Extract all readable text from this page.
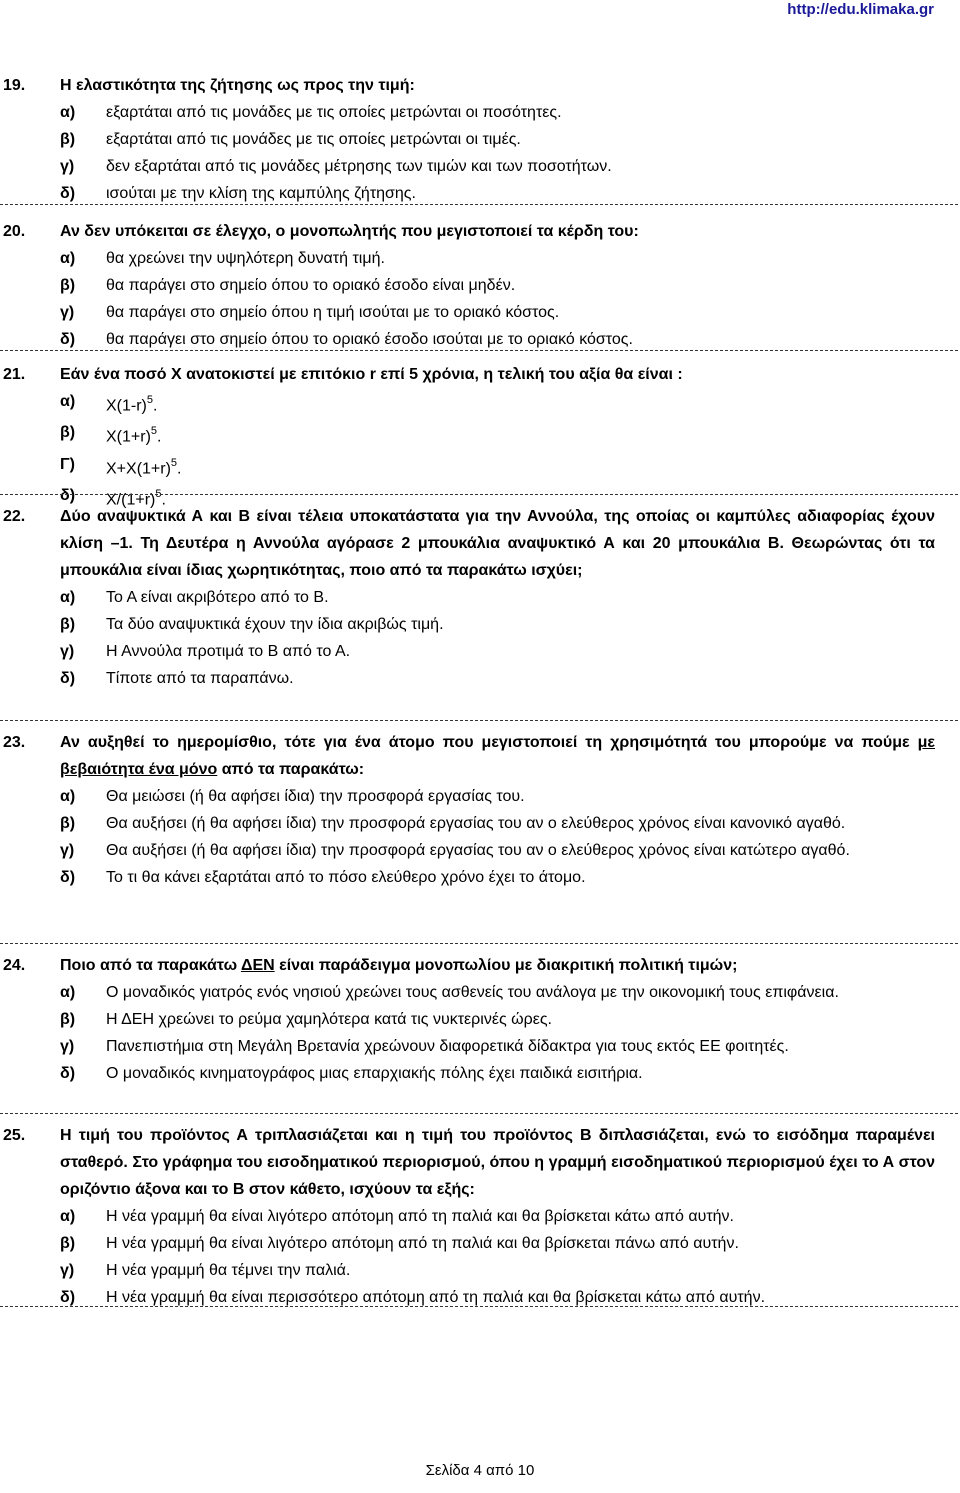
http://edu.klimaka.gr
19.	Η ελαστικότητα της ζήτησης ως προς την τιμή:
α)	εξαρτάται από τις μονάδες με τις οποίες μετρώνται οι ποσότητες.
β)	εξαρτάται από τις μονάδες με τις οποίες μετρώνται οι τιμές.
γ)	δεν εξαρτάται από τις μονάδες μέτρησης των τιμών και των ποσοτήτων.
δ)	ισούται με την κλίση της καμπύλης ζήτησης.
20.	Αν δεν υπόκειται σε έλεγχο, ο μονοπωλητής που μεγιστοποιεί τα κέρδη του:
α)	θα χρεώνει την υψηλότερη δυνατή τιμή.
β)	θα παράγει στο σημείο όπου το οριακό έσοδο είναι μηδέν.
γ)	θα παράγει στο σημείο όπου η τιμή ισούται με το οριακό κόστος.
δ)	θα παράγει στο σημείο όπου το οριακό έσοδο ισούται με το οριακό κόστος.
21.	Εάν ένα ποσό Χ ανατοκιστεί με επιτόκιο r επί 5 χρόνια, η τελική του αξία θα είναι :
α)	$X(1-r)^5$.
β)	$X(1+r)^5$.
Γ)	$X+X(1+r)^5$.
δ)	$X/(1+r)^5$.
22.	Δύο αναψυκτικά Α και Β είναι τέλεια υποκατάστατα για την Αννούλα, της οποίας οι καμπύλες αδιαφορίας έχουν κλίση –1. Τη Δευτέρα η Αννούλα αγόρασε 2 μπουκάλια αναψυκτικό Α και 20 μπουκάλια Β. Θεωρώντας ότι τα μπουκάλια είναι ίδιας χωρητικότητας, ποιο από τα παρακάτω ισχύει;
α)	Το Α είναι ακριβότερο από το Β.
β)	Τα δύο αναψυκτικά έχουν την ίδια ακριβώς τιμή.
γ)	Η Αννούλα προτιμά το Β από το Α.
δ)	Τίποτε από τα παραπάνω.
23.	Αν αυξηθεί το ημερομίσθιο, τότε για ένα άτομο που μεγιστοποιεί τη χρησιμότητά του μπορούμε να πούμε με βεβαιότητα ένα μόνο από τα παρακάτω:
α)	Θα μειώσει (ή θα αφήσει ίδια) την προσφορά εργασίας του.
β)	Θα αυξήσει (ή θα αφήσει ίδια) την προσφορά εργασίας του αν ο ελεύθερος χρόνος είναι κανονικό αγαθό.
γ)	Θα αυξήσει (ή θα αφήσει ίδια) την προσφορά εργασίας του αν ο ελεύθερος χρόνος είναι κατώτερο αγαθό.
δ)	Το τι θα κάνει εξαρτάται από το πόσο ελεύθερο χρόνο έχει το άτομο.
24.	Ποιο από τα παρακάτω ΔΕΝ είναι παράδειγμα μονοπωλίου με διακριτική πολιτική τιμών;
α)	Ο μοναδικός γιατρός ενός νησιού χρεώνει τους ασθενείς του ανάλογα με την οικονομική τους επιφάνεια.
β)	Η ΔΕΗ χρεώνει το ρεύμα χαμηλότερα κατά τις νυκτερινές ώρες.
γ)	Πανεπιστήμια στη Μεγάλη Βρετανία χρεώνουν διαφορετικά δίδακτρα για τους εκτός ΕΕ φοιτητές.
δ)	Ο μοναδικός κινηματογράφος μιας επαρχιακής πόλης έχει παιδικά εισιτήρια.
25.	Η τιμή του προϊόντος Α τριπλασιάζεται και η τιμή του προϊόντος Β διπλασιάζεται, ενώ το εισόδημα παραμένει σταθερό. Στο γράφημα του εισοδηματικού περιορισμού, όπου η γραμμή εισοδηματικού περιορισμού έχει το Α στον οριζόντιο άξονα και το Β στον κάθετο, ισχύουν τα εξής:
α)	Η νέα γραμμή θα είναι λιγότερο απότομη από τη παλιά και θα βρίσκεται κάτω από αυτήν.
β)	Η νέα γραμμή θα είναι λιγότερο απότομη από τη παλιά και θα βρίσκεται πάνω από αυτήν.
γ)	Η νέα γραμμή θα τέμνει την παλιά.
δ)	Η νέα γραμμή θα είναι περισσότερο απότομη από τη παλιά και θα βρίσκεται κάτω από αυτήν.
Σελίδα 4 από 10
